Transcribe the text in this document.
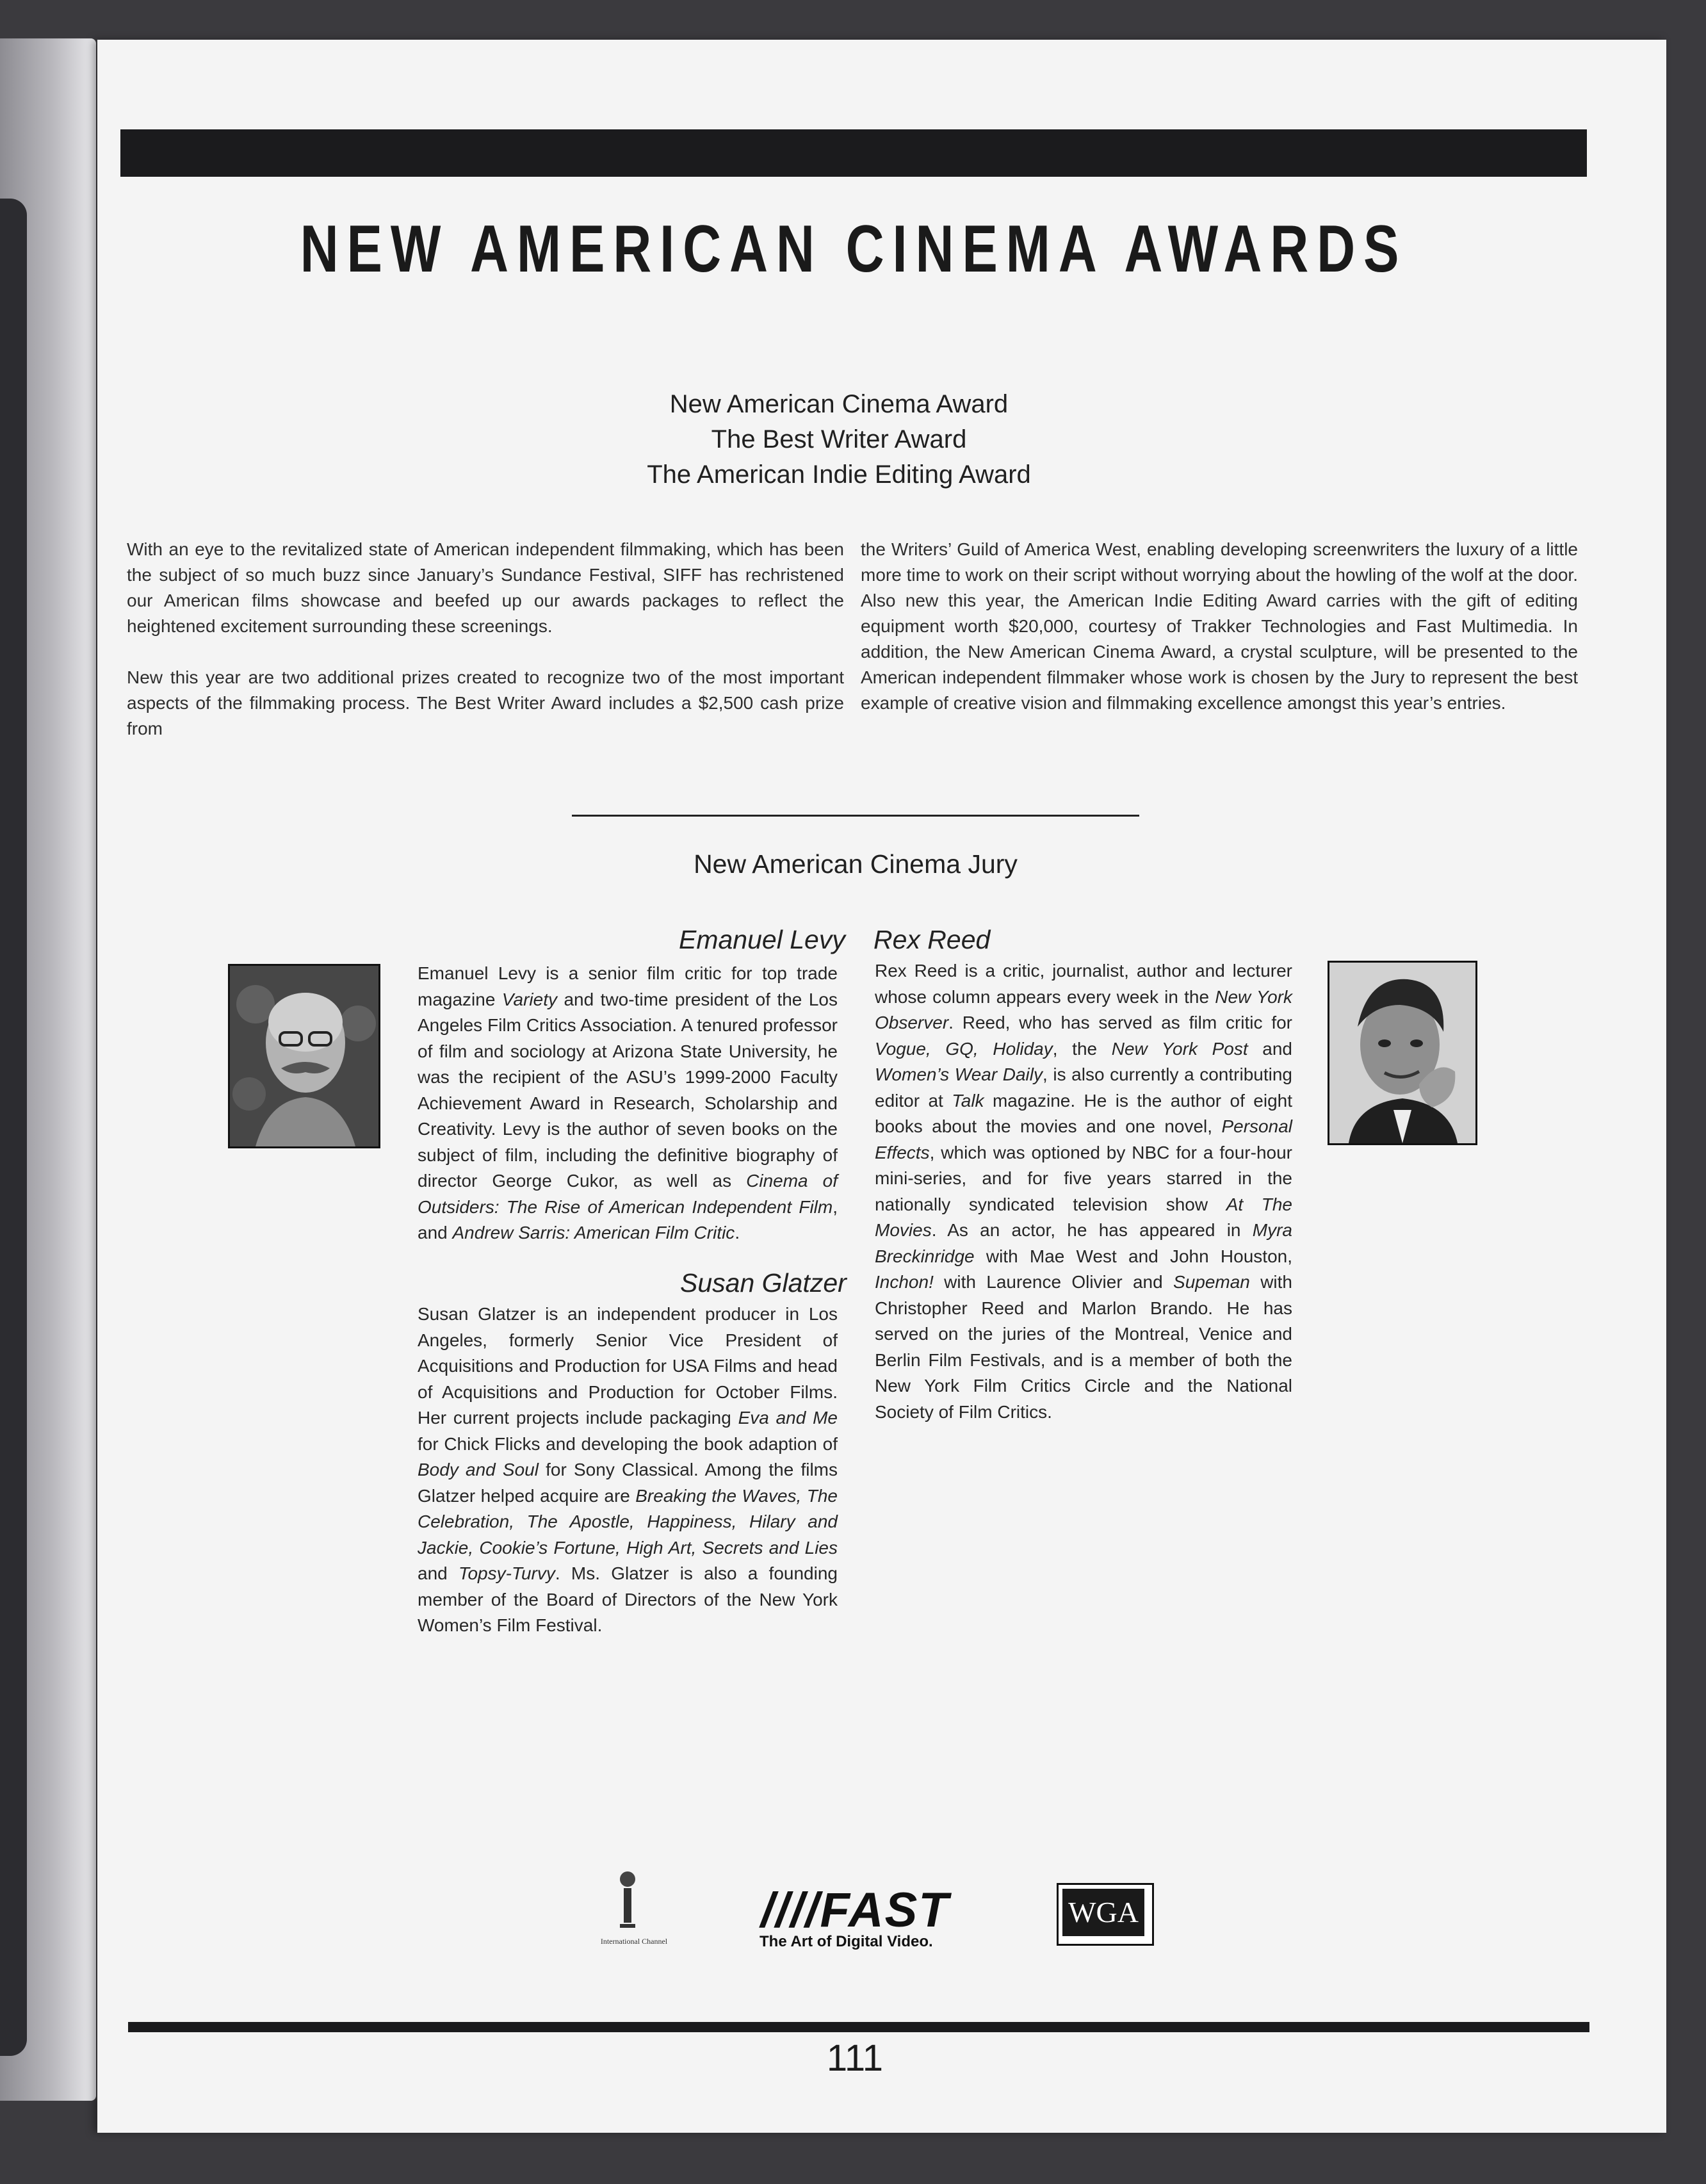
NEW AMERICAN CINEMA AWARDS
New American Cinema Award
The Best Writer Award
The American Indie Editing Award

With an eye to the revitalized state of American independent filmmaking, which has been the subject of so much buzz since January’s Sundance Festival, SIFF has rechristened our American films showcase and beefed up our awards packages to reflect the heightened excitement surrounding these screenings.

New this year are two additional prizes created to recognize two of the most important aspects of the filmmaking process. The Best Writer Award includes a $2,500 cash prize from

the Writers’ Guild of America West, enabling developing screenwriters the luxury of a little more time to work on their script without worrying about the howling of the wolf at the door. Also new this year, the American Indie Editing Award carries with the gift of editing equipment worth $20,000, courtesy of Trakker Technologies and Fast Multimedia. In addition, the New American Cinema Award, a crystal sculpture, will be presented to the American independent filmmaker whose work is chosen by the Jury to represent the best example of creative vision and filmmaking excellence amongst this year’s entries.

New American Cinema Jury
Emanuel Levy
Emanuel Levy is a senior film critic for top trade magazine Variety and two-time president of the Los Angeles Film Critics Association. A tenured professor of film and sociology at Arizona State University, he was the recipient of the ASU’s 1999-2000 Faculty Achievement Award in Research, Scholarship and Creativity. Levy is the author of seven books on the subject of film, including the definitive biography of director George Cukor, as well as Cinema of Outsiders: The Rise of American Independent Film, and Andrew Sarris: American Film Critic.
Susan Glatzer
Susan Glatzer is an independent producer in Los Angeles, formerly Senior Vice President of Acquisitions and Production for USA Films and head of Acquisitions and Production for October Films. Her current projects include packaging Eva and Me for Chick Flicks and developing the book adaption of Body and Soul for Sony Classical. Among the films Glatzer helped acquire are Breaking the Waves, The Celebration, The Apostle, Happiness, Hilary and Jackie, Cookie’s Fortune, High Art, Secrets and Lies and Topsy-Turvy. Ms. Glatzer is also a founding member of the Board of Directors of the New York Women’s Film Festival.
Rex Reed
Rex Reed is a critic, journalist, author and lecturer whose column appears every week in the New York Observer. Reed, who has served as film critic for Vogue, GQ, Holiday, the New York Post and Women’s Wear Daily, is also currently a contributing editor at Talk magazine. He is the author of eight books about the movies and one novel, Personal Effects, which was optioned by NBC for a four-hour mini-series, and for five years starred in the nationally syndicated television show At The Movies. As an actor, he has appeared in Myra Breckinridge with Mae West and John Houston, Inchon! with Laurence Olivier and Supeman with Christopher Reed and Marlon Brando. He has served on the juries of the Montreal, Venice and Berlin Film Festivals, and is a member of both the New York Film Critics Circle and the National Society of Film Critics.
International Channel
////FAST
The Art of Digital Video.
WGA
111
